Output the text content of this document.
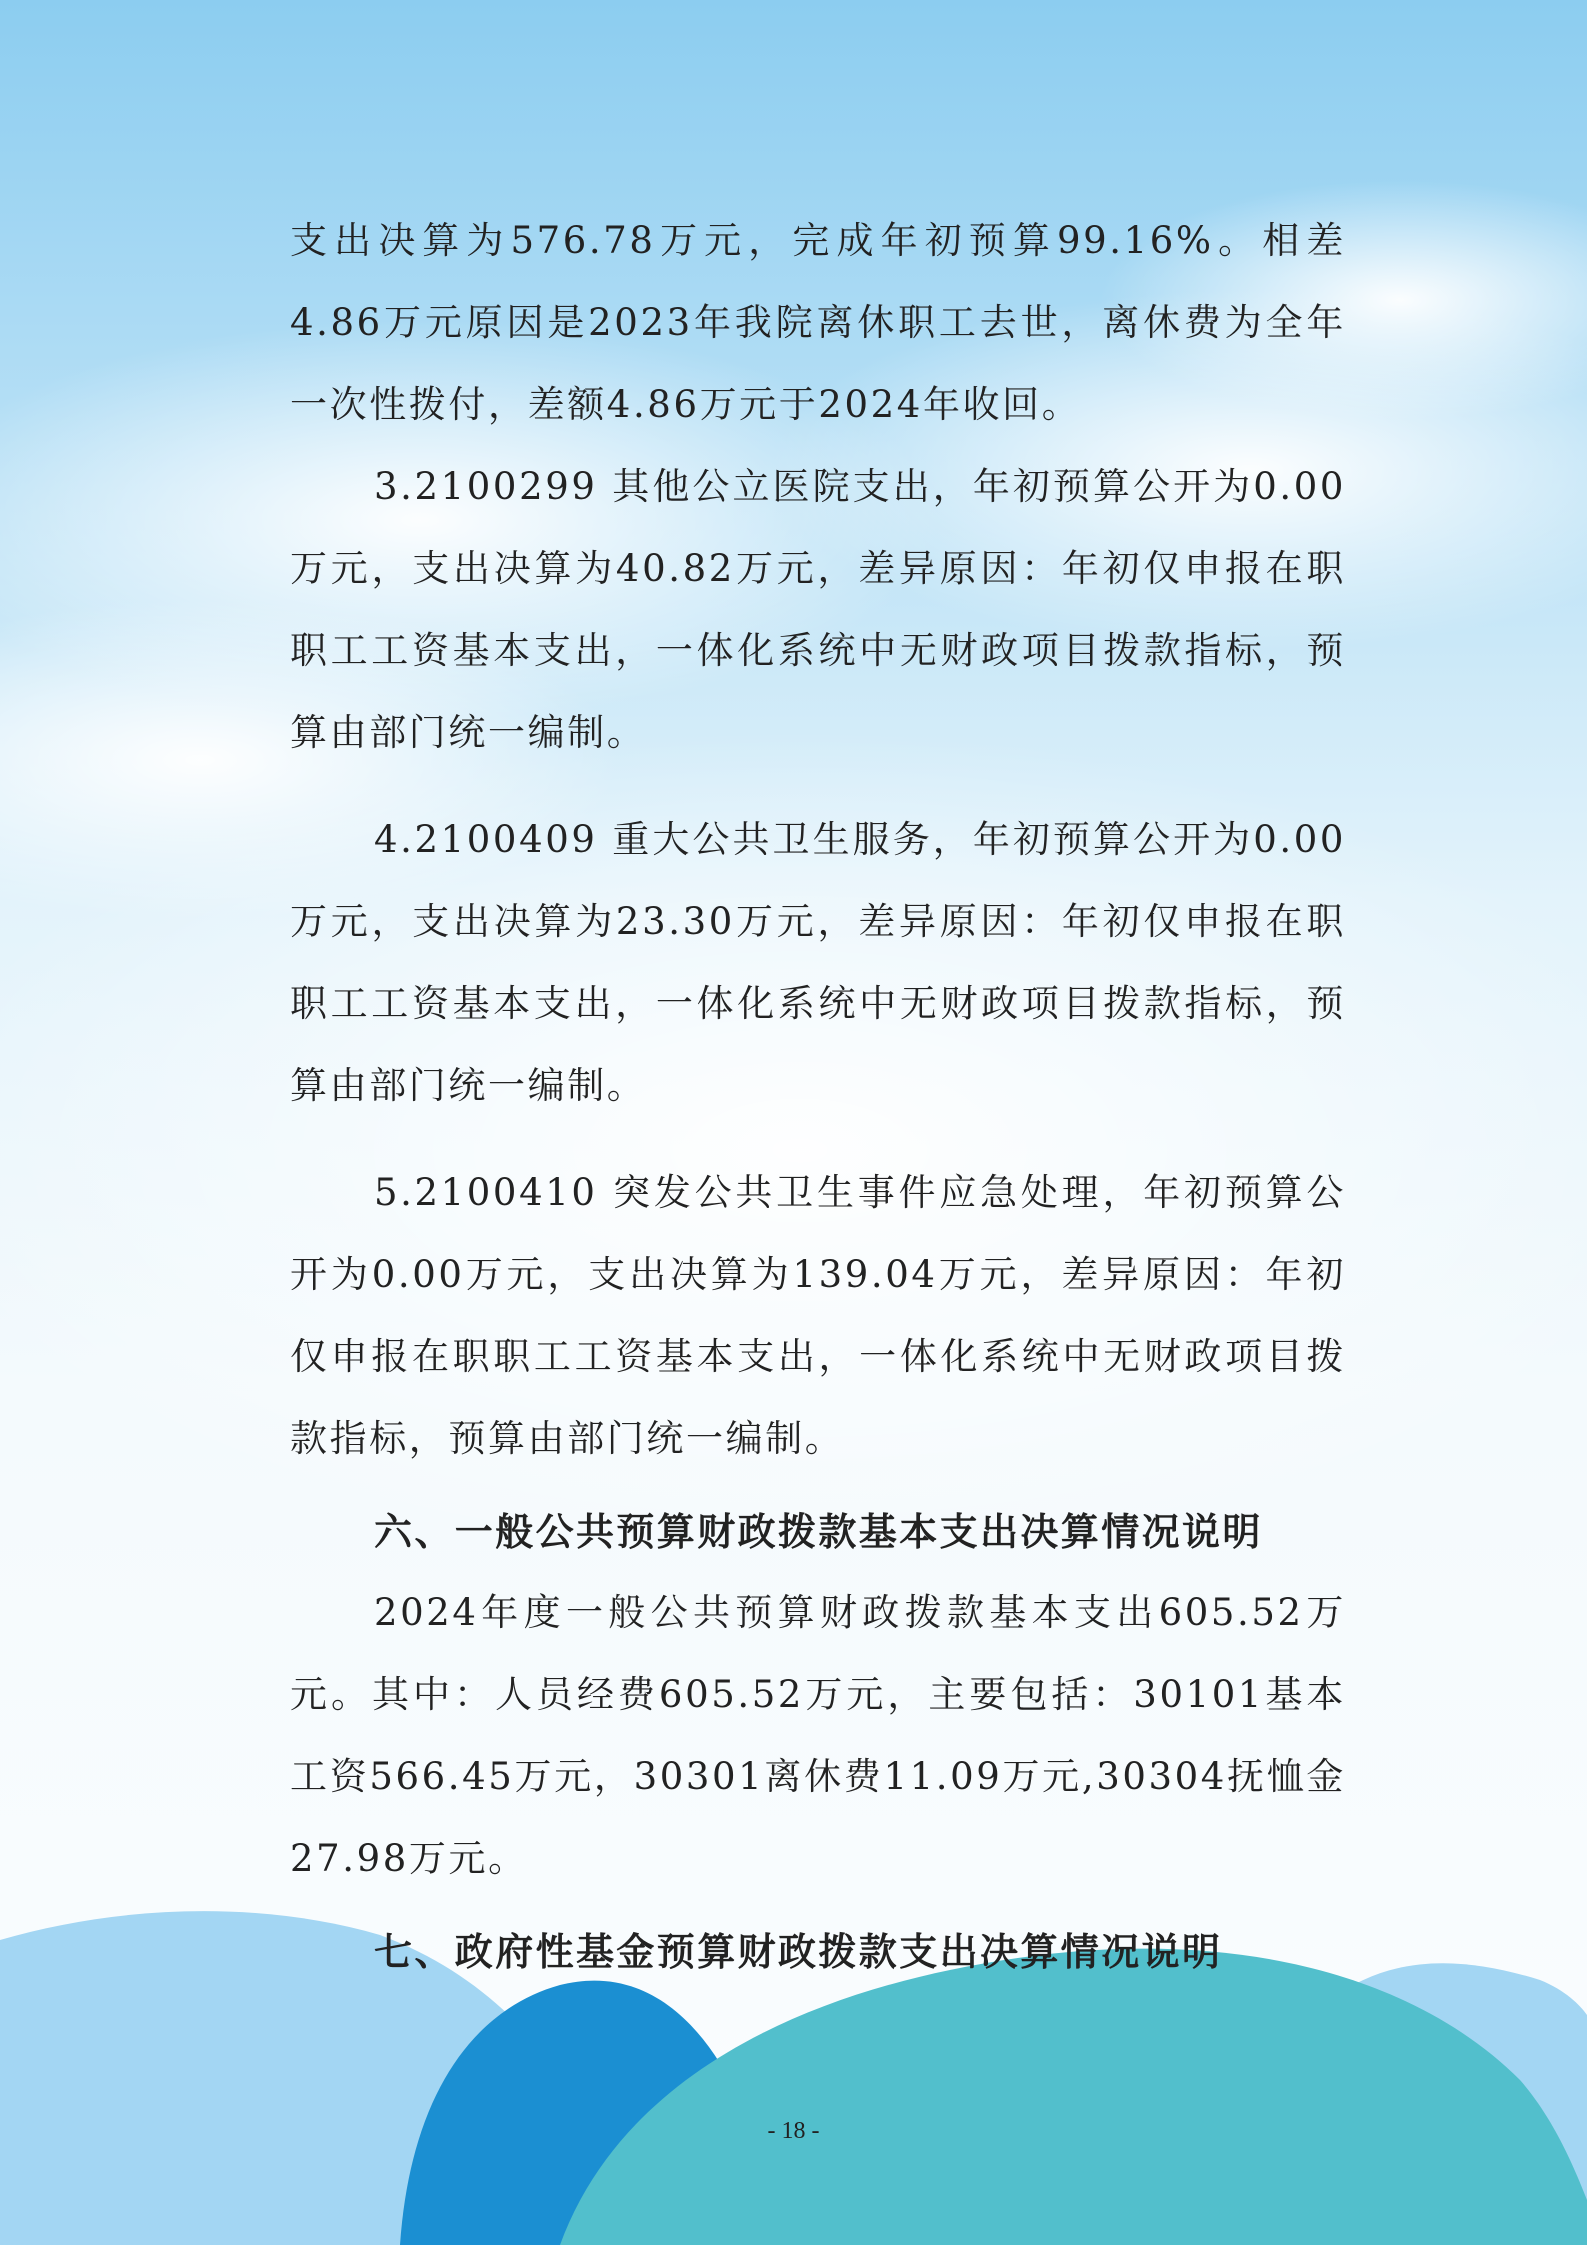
支出决算为576.78万元，完成年初预算99.16%。相差4.86万元原因是2023年我院离休职工去世，离休费为全年一次性拨付，差额4.86万元于2024年收回。

3.2100299 其他公立医院支出，年初预算公开为0.00万元，支出决算为40.82万元，差异原因：年初仅申报在职职工工资基本支出，一体化系统中无财政项目拨款指标，预算由部门统一编制。

4.2100409 重大公共卫生服务，年初预算公开为0.00万元，支出决算为23.30万元，差异原因：年初仅申报在职职工工资基本支出，一体化系统中无财政项目拨款指标，预算由部门统一编制。

5.2100410 突发公共卫生事件应急处理，年初预算公开为0.00万元，支出决算为139.04万元，差异原因：年初仅申报在职职工工资基本支出，一体化系统中无财政项目拨款指标，预算由部门统一编制。

六、一般公共预算财政拨款基本支出决算情况说明

2024年度一般公共预算财政拨款基本支出605.52万元。其中：人员经费605.52万元，主要包括：30101基本工资566.45万元，30301离休费11.09万元,30304抚恤金27.98万元。

七、政府性基金预算财政拨款支出决算情况说明
- 18 -
